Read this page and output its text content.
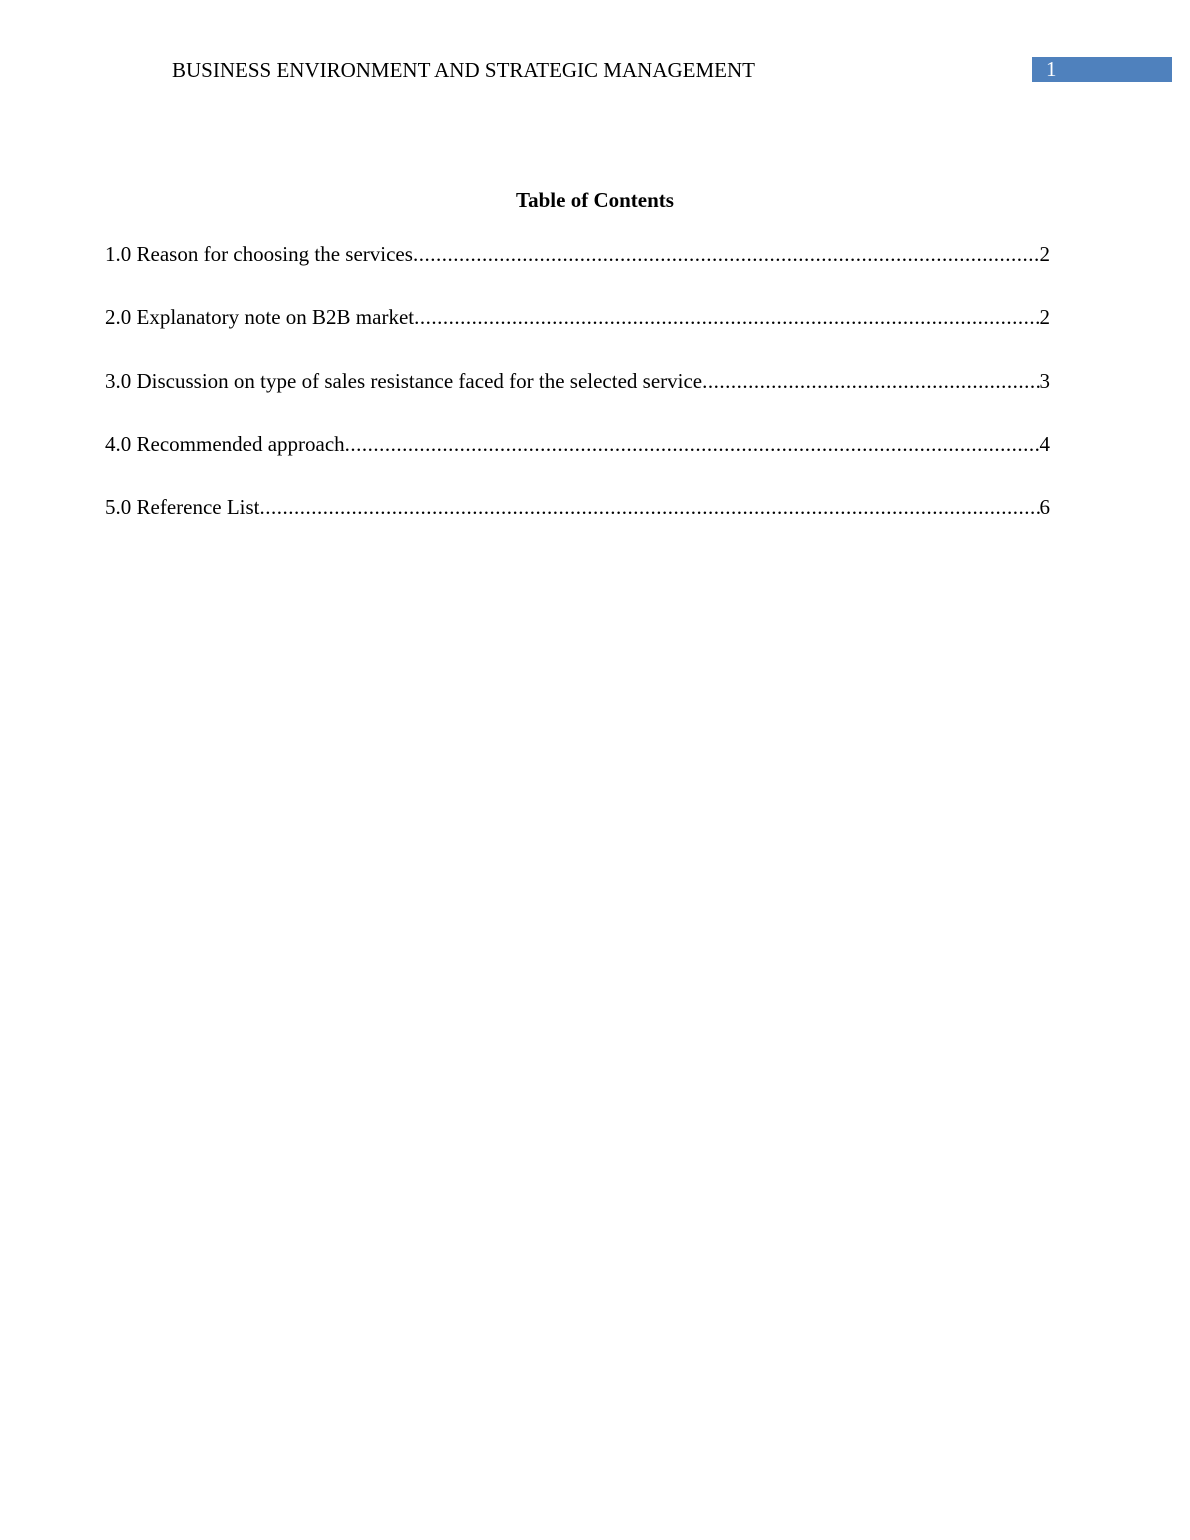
BUSINESS ENVIRONMENT AND STRATEGIC MANAGEMENT	1
Table of Contents
1.0 Reason for choosing the services .....	2
2.0 Explanatory note on B2B market .....	2
3.0 Discussion on type of sales resistance faced for the selected service .....	3
4.0 Recommended approach .....	4
5.0 Reference List .....	6
